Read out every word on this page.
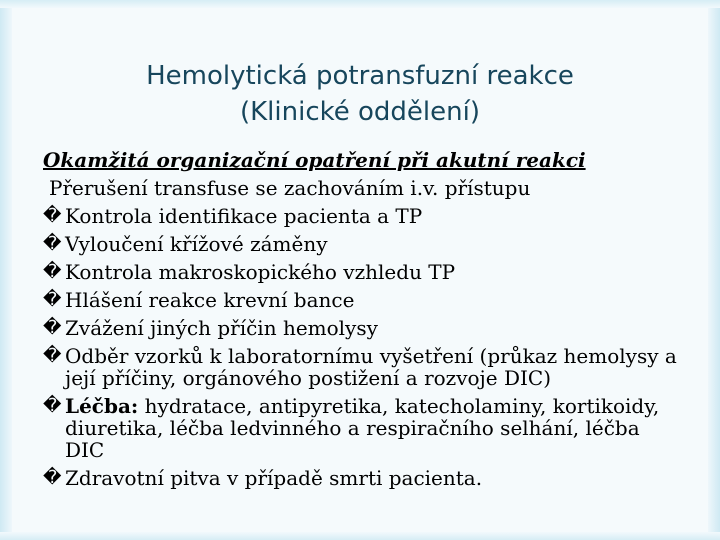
Hemolytická potransfuzní reakce
(Klinické oddělení)

Okamžitá organizační opatření při akutní reakci

Přerušení transfuse se zachováním i.v. přístupu

� Kontrola identifikace pacienta a TP
� Vyloučení křížové záměny
� Kontrola makroskopického vzhledu TP
� Hlášení reakce krevní bance
� Zvážení jiných příčin hemolysy
� Odběr vzorků k laboratornímu vyšetření (průkaz hemolysy a její příčiny, orgánového postižení a rozvoje DIC)
� Léčba: hydratace, antipyretika, katecholaminy, kortikoidy, diuretika, léčba ledvinného a respiračního selhání, léčba DIC
� Zdravotní pitva v případě smrti pacienta.
